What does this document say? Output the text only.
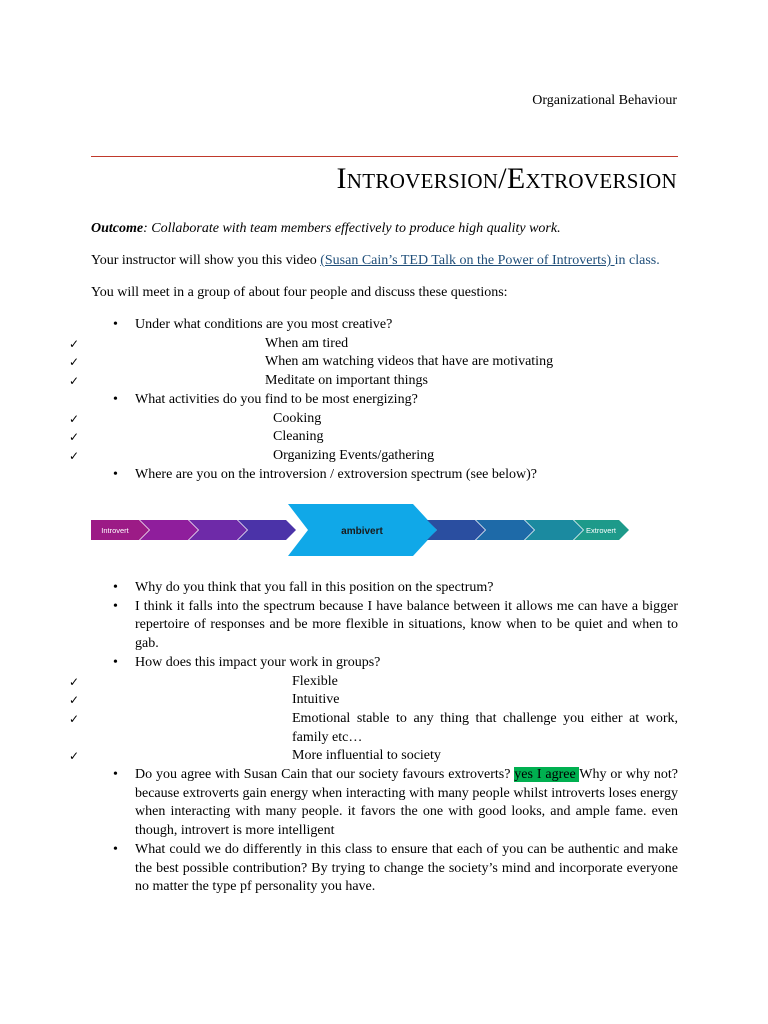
Organizational Behaviour
Introversion/Extroversion
Outcome: Collaborate with team members effectively to produce high quality work.
Your instructor will show you this video (Susan Cain’s TED Talk on the Power of Introverts) in class.
You will meet in a group of about four people and discuss these questions:
• Under what conditions are you most creative?
✓ When am tired
✓ When am watching videos that have are motivating
✓ Meditate on important things
• What activities do you find to be most energizing?
✓ Cooking
✓ Cleaning
✓ Organizing Events/gathering
• Where are you on the introversion / extroversion spectrum (see below)?
Introvert	ambivert	Extrovert
• Why do you think that you fall in this position on the spectrum?
• I think it falls into the spectrum because I have balance between it allows me can have a bigger repertoire of responses and be more flexible in situations, know when to be quiet and when to gab.
• How does this impact your work in groups?
✓ Flexible
✓ Intuitive
✓ Emotional stable to any thing that challenge you either at work, family etc…
✓ More influential to society
• Do you agree with Susan Cain that our society favours extroverts? yes I agree Why or why not? because extroverts gain energy when interacting with many people whilst introverts loses energy when interacting with many people. it favors the one with good looks, and ample fame. even though, introvert is more intelligent
• What could we do differently in this class to ensure that each of you can be authentic and make the best possible contribution? By trying to change the society’s mind and incorporate everyone no matter the type pf personality you have.
